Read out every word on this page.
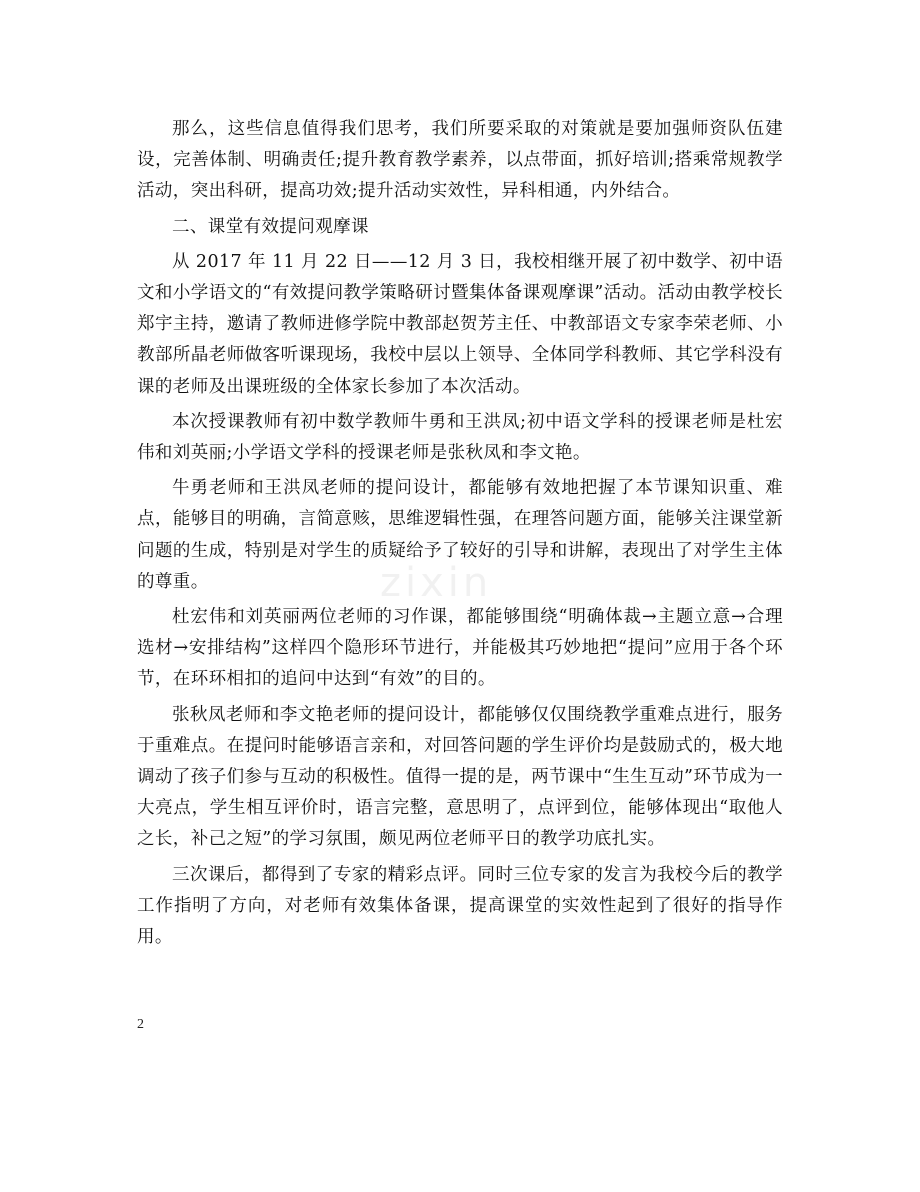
那么，这些信息值得我们思考，我们所要采取的对策就是要加强师资队伍建设，完善体制、明确责任;提升教育教学素养，以点带面，抓好培训;搭乘常规教学活动，突出科研，提高功效;提升活动实效性，异科相通，内外结合。

二、课堂有效提问观摩课

从 2017 年 11 月 22 日——12 月 3 日，我校相继开展了初中数学、初中语文和小学语文的“有效提问教学策略研讨暨集体备课观摩课”活动。活动由教学校长郑宇主持，邀请了教师进修学院中教部赵贺芳主任、中教部语文专家李荣老师、小教部所晶老师做客听课现场，我校中层以上领导、全体同学科教师、其它学科没有课的老师及出课班级的全体家长参加了本次活动。

本次授课教师有初中数学教师牛勇和王洪凤;初中语文学科的授课老师是杜宏伟和刘英丽;小学语文学科的授课老师是张秋凤和李文艳。

牛勇老师和王洪凤老师的提问设计，都能够有效地把握了本节课知识重、难点，能够目的明确，言简意赅，思维逻辑性强，在理答问题方面，能够关注课堂新问题的生成，特别是对学生的质疑给予了较好的引导和讲解，表现出了对学生主体的尊重。

杜宏伟和刘英丽两位老师的习作课，都能够围绕“明确体裁→主题立意→合理选材→安排结构”这样四个隐形环节进行，并能极其巧妙地把“提问”应用于各个环节，在环环相扣的追问中达到“有效”的目的。

张秋凤老师和李文艳老师的提问设计，都能够仅仅围绕教学重难点进行，服务于重难点。在提问时能够语言亲和，对回答问题的学生评价均是鼓励式的，极大地调动了孩子们参与互动的积极性。值得一提的是，两节课中“生生互动”环节成为一大亮点，学生相互评价时，语言完整，意思明了，点评到位，能够体现出“取他人之长，补己之短”的学习氛围，颇见两位老师平日的教学功底扎实。

三次课后，都得到了专家的精彩点评。同时三位专家的发言为我校今后的教学工作指明了方向，对老师有效集体备课，提高课堂的实效性起到了很好的指导作用。

zixin
2
